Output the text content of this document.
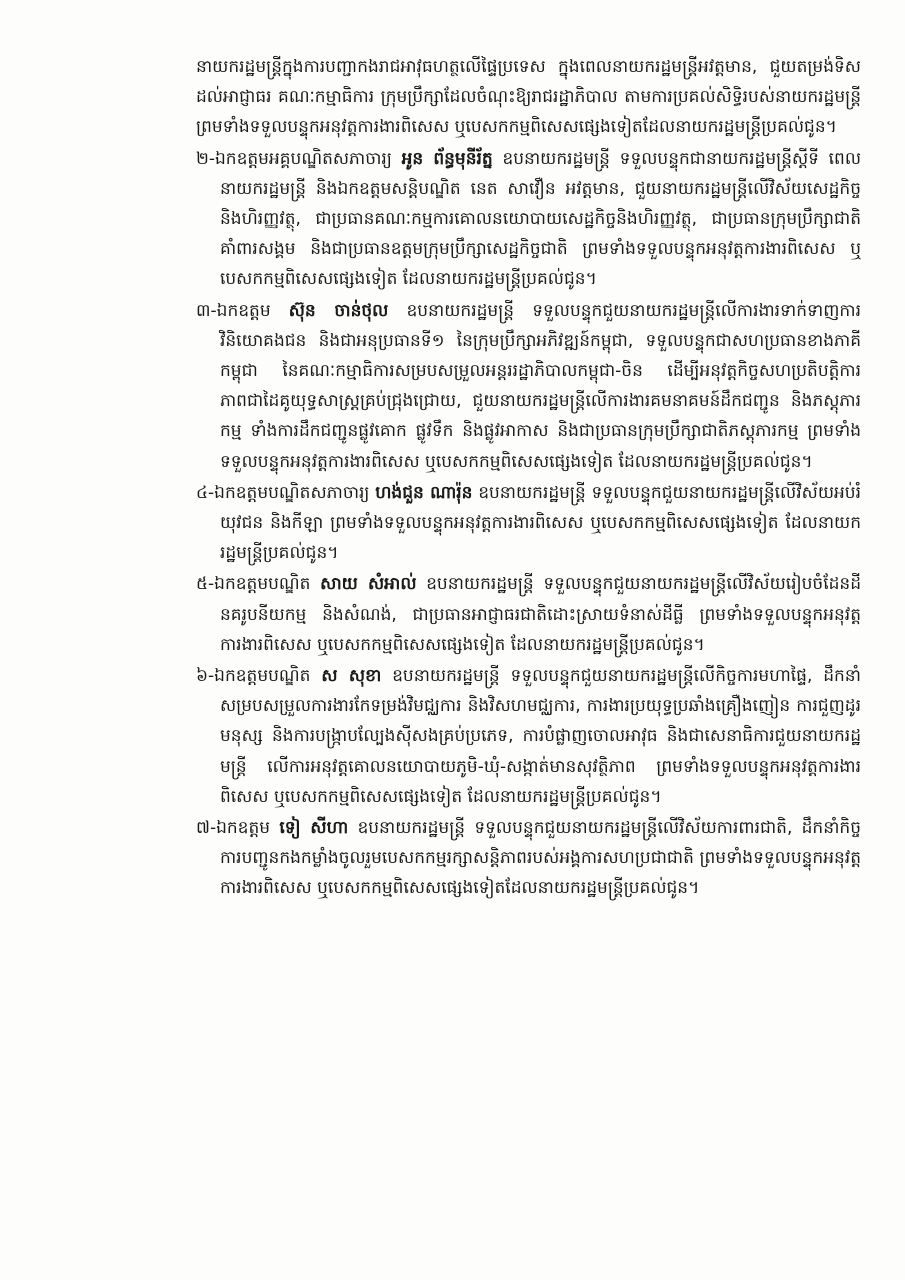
នាយករដ្ឋមន្ត្រីក្នុងការបញ្ជាកងរាជអាវុធហត្ថលើផ្ទៃប្រទេស ក្នុងពេលនាយករដ្ឋមន្ត្រីអវត្តមាន, ជួយតម្រង់ទិសដល់អាជ្ញាធរ គណៈកម្មាធិការ ក្រុមប្រឹក្សាដែលចំណុះឱ្យរាជរដ្ឋាភិបាល តាមការប្រគល់សិទ្ធិរបស់នាយករដ្ឋមន្ត្រី ព្រមទាំងទទួលបន្ទុកអនុវត្តការងារពិសេស ឬបេសកកម្មពិសេសផ្សេងទៀតដែលនាយករដ្ឋមន្ត្រីប្រគល់ជូន។

២-ឯកឧត្តមអគ្គបណ្ឌិតសភាចារ្យ អូន ព័ន្ធមុនីរ័ត្ន ឧបនាយករដ្ឋមន្ត្រី ទទួលបន្ទុកជានាយករដ្ឋមន្ត្រីស្ដីទី ពេលនាយករដ្ឋមន្ត្រី និងឯកឧត្តមសន្តិបណ្ឌិត នេត សាវឿន អវត្តមាន, ជួយនាយករដ្ឋមន្ត្រីលើវិស័យសេដ្ឋកិច្ច និងហិរញ្ញវត្ថុ, ជាប្រធានគណៈកម្មការគោលនយោបាយសេដ្ឋកិច្ចនិងហិរញ្ញវត្ថុ, ជាប្រធានក្រុមប្រឹក្សាជាតិគាំពារសង្គម និងជាប្រធានឧត្តមក្រុមប្រឹក្សាសេដ្ឋកិច្ចជាតិ ព្រមទាំងទទួលបន្ទុកអនុវត្តការងារពិសេស ឬបេសកកម្មពិសេសផ្សេងទៀត ដែលនាយករដ្ឋមន្ត្រីប្រគល់ជូន។

៣-ឯកឧត្តម ស៊ុន ចាន់ថុល ឧបនាយករដ្ឋមន្ត្រី ទទួលបន្ទុកជួយនាយករដ្ឋមន្ត្រីលើការងារទាក់ទាញការវិនិយោគងជន និងជាអនុប្រធានទី១ នៃក្រុមប្រឹក្សាអភិវឌ្ឍន៍កម្ពុជា, ទទួលបន្ទុកជាសហប្រធានខាងភាគីកម្ពុជា នៃគណៈកម្មាធិការសម្របសម្រួលអន្តររដ្ឋាភិបាលកម្ពុជា-ចិន ដើម្បីអនុវត្តកិច្ចសហប្រតិបត្តិការភាពជាដៃគូយុទ្ធសាស្ត្រគ្រប់ជ្រុងជ្រោយ, ជួយនាយករដ្ឋមន្ត្រីលើការងារគមនាគមន៍ដឹកជញ្ជូន និងភស្តុភារកម្ម ទាំងការដឹកជញ្ជូនផ្លូវគោក ផ្លូវទឹក និងផ្លូវអាកាស និងជាប្រធានក្រុមប្រឹក្សាជាតិភស្តុភារកម្ម ព្រមទាំងទទួលបន្ទុកអនុវត្តការងារពិសេស ឬបេសកកម្មពិសេសផ្សេងទៀត ដែលនាយករដ្ឋមន្ត្រីប្រគល់ជូន។

៤-ឯកឧត្តមបណ្ឌិតសភាចារ្យ ហង់ជួន ណារ៉ុន ឧបនាយករដ្ឋមន្ត្រី ទទួលបន្ទុកជួយនាយករដ្ឋមន្ត្រីលើវិស័យអប់រំ យុវជន និងកីឡា ព្រមទាំងទទួលបន្ទុកអនុវត្តការងារពិសេស ឬបេសកកម្មពិសេសផ្សេងទៀត ដែលនាយករដ្ឋមន្ត្រីប្រគល់ជូន។

៥-ឯកឧត្តមបណ្ឌិត សាយ សំអាល់ ឧបនាយករដ្ឋមន្ត្រី ទទួលបន្ទុកជួយនាយករដ្ឋមន្ត្រីលើវិស័យរៀបចំដែនដី នគរូបនីយកម្ម និងសំណង់, ជាប្រធានអាជ្ញាធរជាតិដោះស្រាយទំនាស់ដីធ្លី ព្រមទាំងទទួលបន្ទុកអនុវត្តការងារពិសេស ឬបេសកកម្មពិសេសផ្សេងទៀត ដែលនាយករដ្ឋមន្ត្រីប្រគល់ជូន។

៦-ឯកឧត្តមបណ្ឌិត ស សុខា ឧបនាយករដ្ឋមន្ត្រី ទទួលបន្ទុកជួយនាយករដ្ឋមន្ត្រីលើកិច្ចការមហាផ្ទៃ, ដឹកនាំសម្របសម្រួលការងារកែទម្រង់វិមជ្ឈការ និងវិសហមជ្ឈការ, ការងារប្រយុទ្ធប្រឆាំងគ្រឿងញៀន ការជួញដូរមនុស្ស និងការបង្ក្រាបល្បែងស៊ីសងគ្រប់ប្រភេទ, ការបំផ្លាញចោលអាវុធ និងជាសេនាធិការជួយនាយករដ្ឋមន្ត្រី លើការអនុវត្តគោលនយោបាយភូមិ-ឃុំ-សង្កាត់មានសុវត្ថិភាព ព្រមទាំងទទួលបន្ទុកអនុវត្តការងារពិសេស ឬបេសកកម្មពិសេសផ្សេងទៀត ដែលនាយករដ្ឋមន្ត្រីប្រគល់ជូន។

៧-ឯកឧត្តម ទៀ សីហា ឧបនាយករដ្ឋមន្ត្រី ទទួលបន្ទុកជួយនាយករដ្ឋមន្ត្រីលើវិស័យការពារជាតិ, ដឹកនាំកិច្ចការបញ្ជូនកងកម្លាំងចូលរួមបេសកកម្មរក្សាសន្តិភាពរបស់អង្គការសហប្រជាជាតិ ព្រមទាំងទទួលបន្ទុកអនុវត្តការងារពិសេស ឬបេសកកម្មពិសេសផ្សេងទៀតដែលនាយករដ្ឋមន្ត្រីប្រគល់ជូន។
